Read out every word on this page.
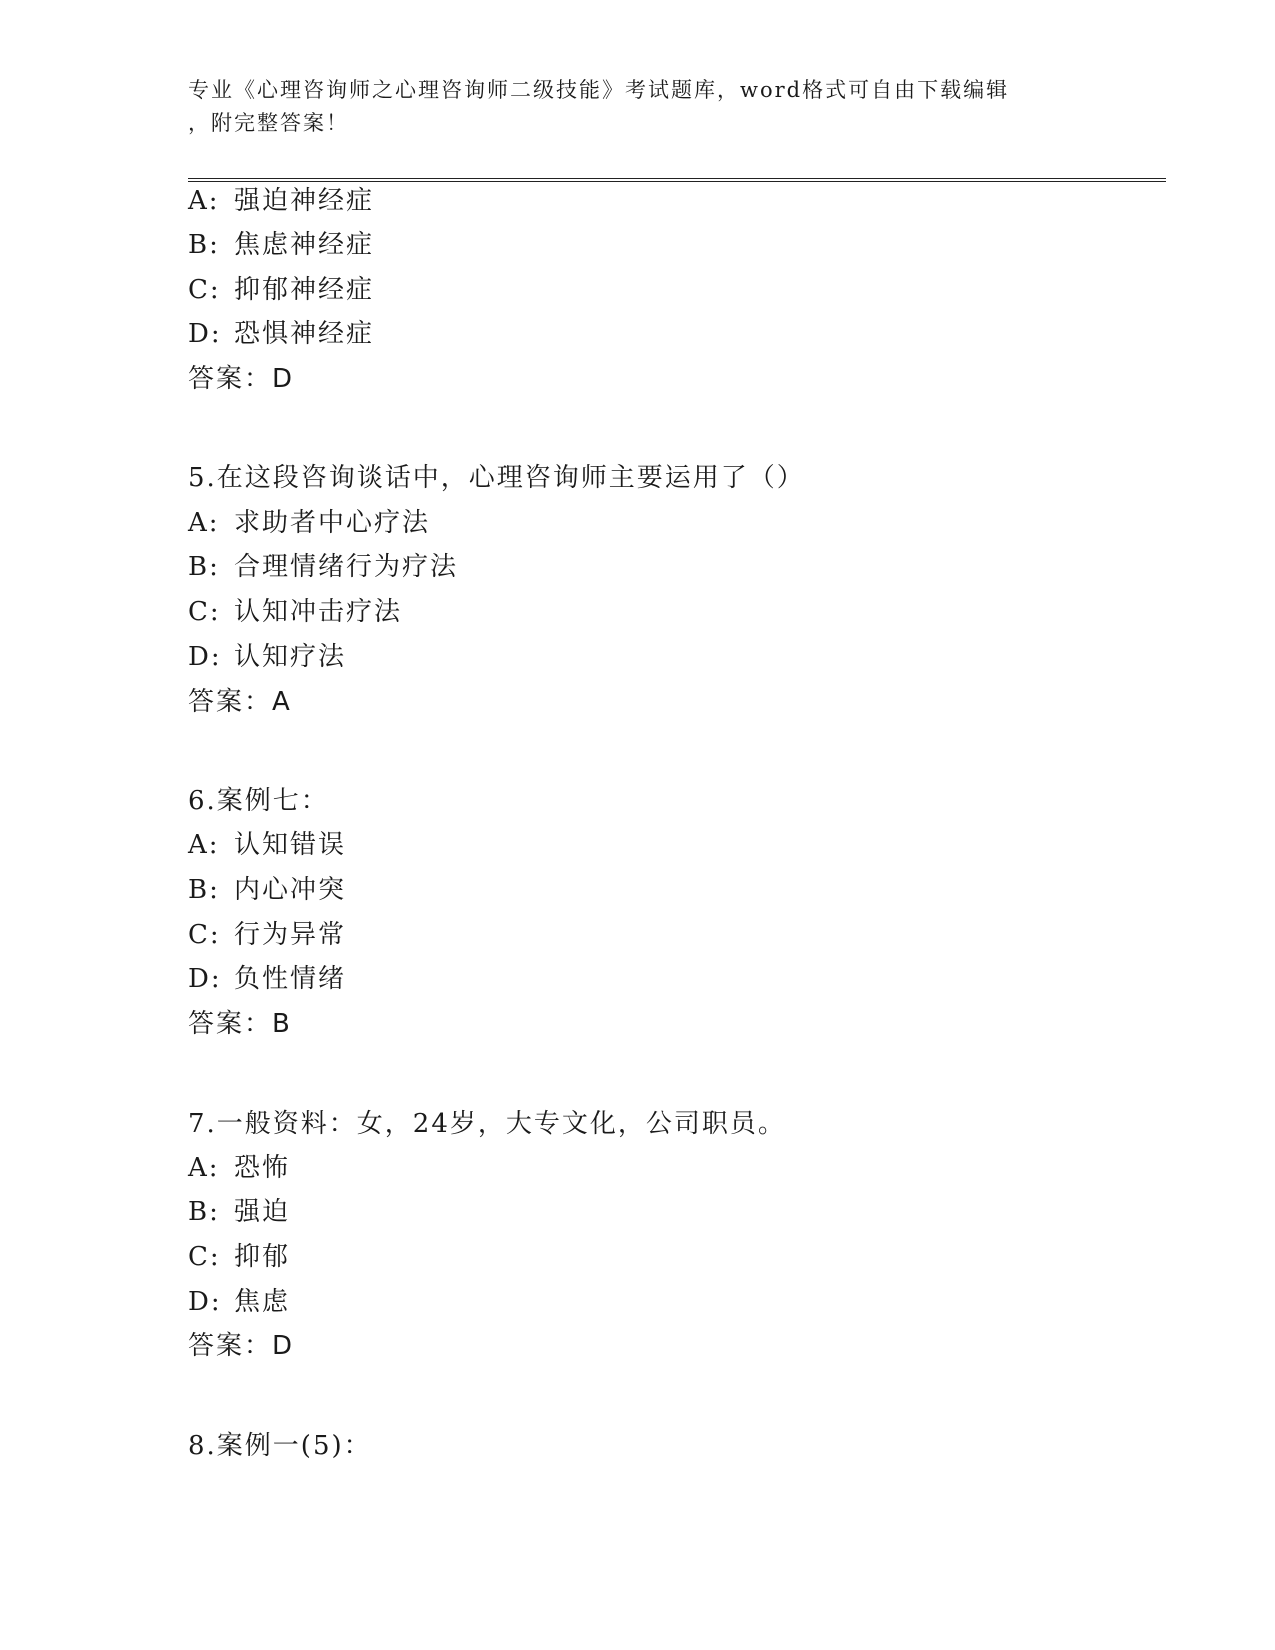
专业《心理咨询师之心理咨询师二级技能》考试题库，word格式可自由下载编辑
，附完整答案！
A: 强迫神经症
B: 焦虑神经症
C: 抑郁神经症
D: 恐惧神经症
答案：D
5.在这段咨询谈话中，心理咨询师主要运用了（）
A: 求助者中心疗法
B: 合理情绪行为疗法
C: 认知冲击疗法
D: 认知疗法
答案：A
6.案例七：
A: 认知错误
B: 内心冲突
C: 行为异常
D: 负性情绪
答案：B
7.一般资料：女，24岁，大专文化，公司职员。
A: 恐怖
B: 强迫
C: 抑郁
D: 焦虑
答案：D
8.案例一(5)：
